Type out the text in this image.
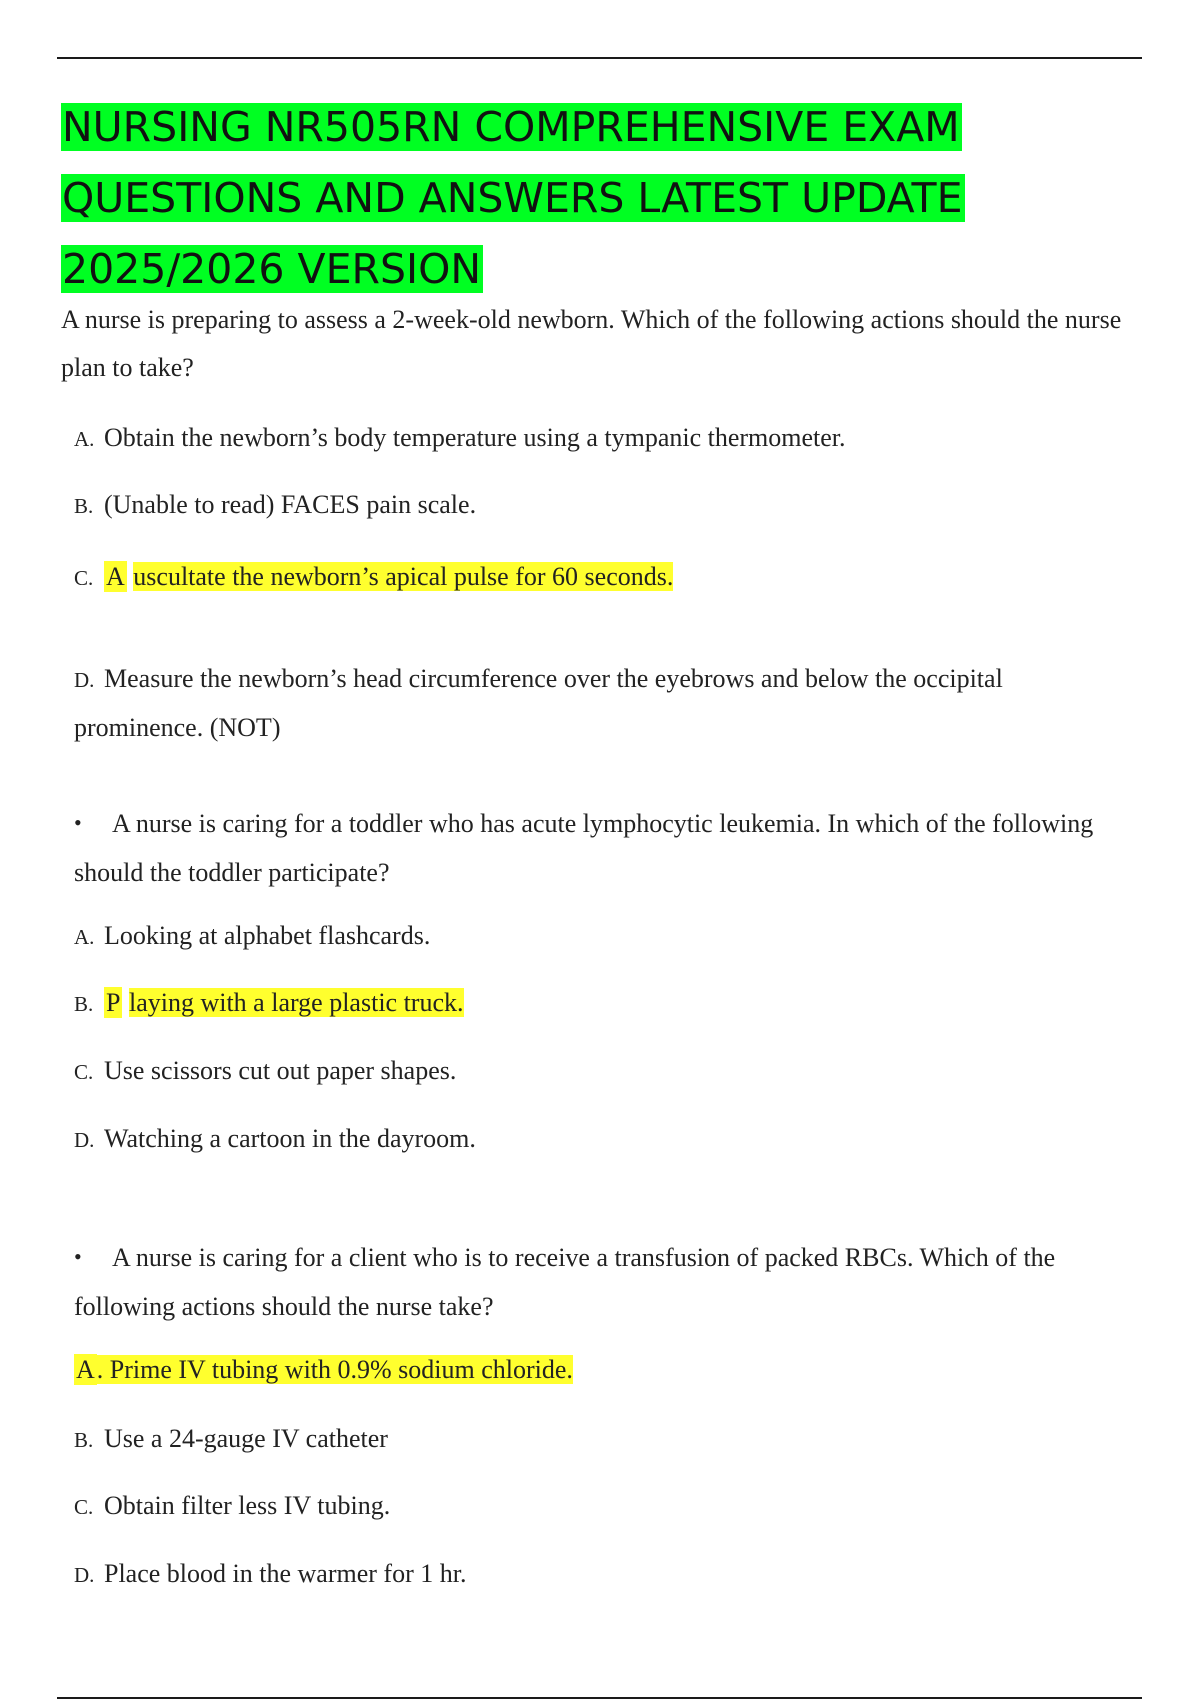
NURSING NR505RN COMPREHENSIVE EXAM
QUESTIONS AND ANSWERS LATEST UPDATE
2025/2026 VERSION

A nurse is preparing to assess a 2-week-old newborn. Which of the following actions should the nurse plan to take?

A. Obtain the newborn’s body temperature using a tympanic thermometer.

B. (Unable to read) FACES pain scale.

C. A uscultate the newborn’s apical pulse for 60 seconds.

D. Measure the newborn’s head circumference over the eyebrows and below the occipital prominence. (NOT)

• A nurse is caring for a toddler who has acute lymphocytic leukemia. In which of the following should the toddler participate?

A. Looking at alphabet flashcards.

B. P laying with a large plastic truck.

C. Use scissors cut out paper shapes.

D. Watching a cartoon in the dayroom.

• A nurse is caring for a client who is to receive a transfusion of packed RBCs. Which of the following actions should the nurse take?

A. Prime IV tubing with 0.9% sodium chloride.

B. Use a 24-gauge IV catheter

C. Obtain filter less IV tubing.

D. Place blood in the warmer for 1 hr.
